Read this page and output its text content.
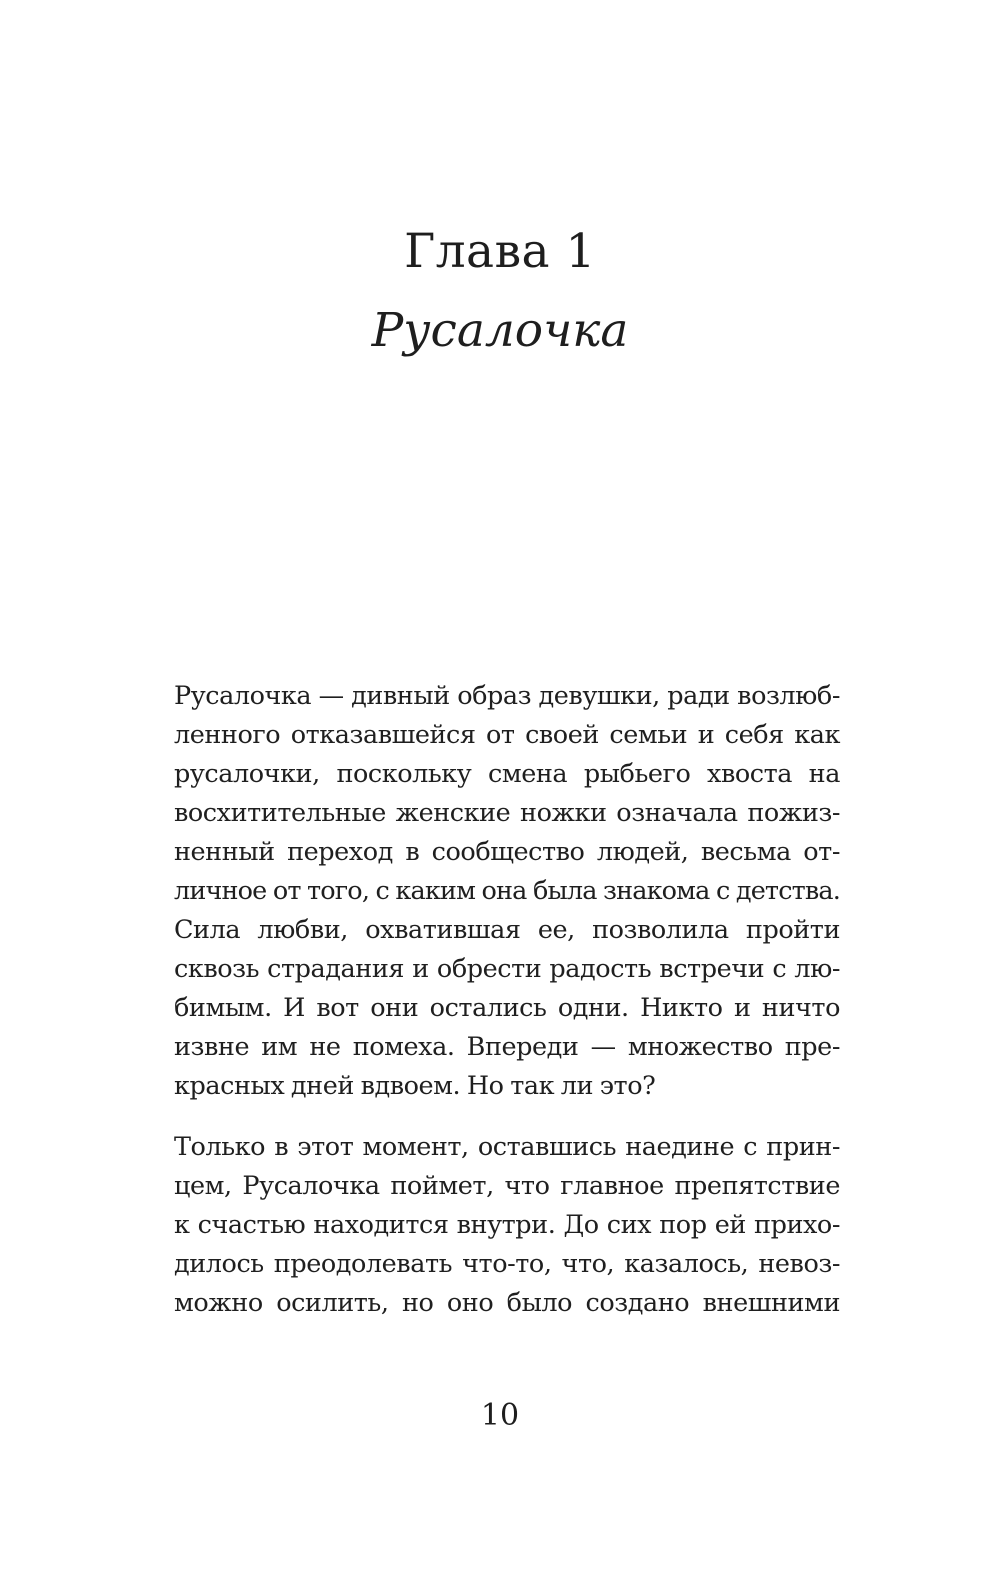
Глава 1
Русалочка

Русалочка — дивный образ девушки, ради возлюб-
ленного отказавшейся от своей семьи и себя как
русалочки, поскольку смена рыбьего хвоста на
восхитительные женские ножки означала пожиз-
ненный переход в сообщество людей, весьма от-
личное от того, с каким она была знакома с детства.
Сила любви, охватившая ее, позволила пройти
сквозь страдания и обрести радость встречи с лю-
бимым. И вот они остались одни. Никто и ничто
извне им не помеха. Впереди — множество пре-
красных дней вдвоем. Но так ли это?

Только в этот момент, оставшись наедине с прин-
цем, Русалочка поймет, что главное препятствие
к счастью находится внутри. До сих пор ей прихо-
дилось преодолевать что-то, что, казалось, невоз-
можно осилить, но оно было создано внешними

10
